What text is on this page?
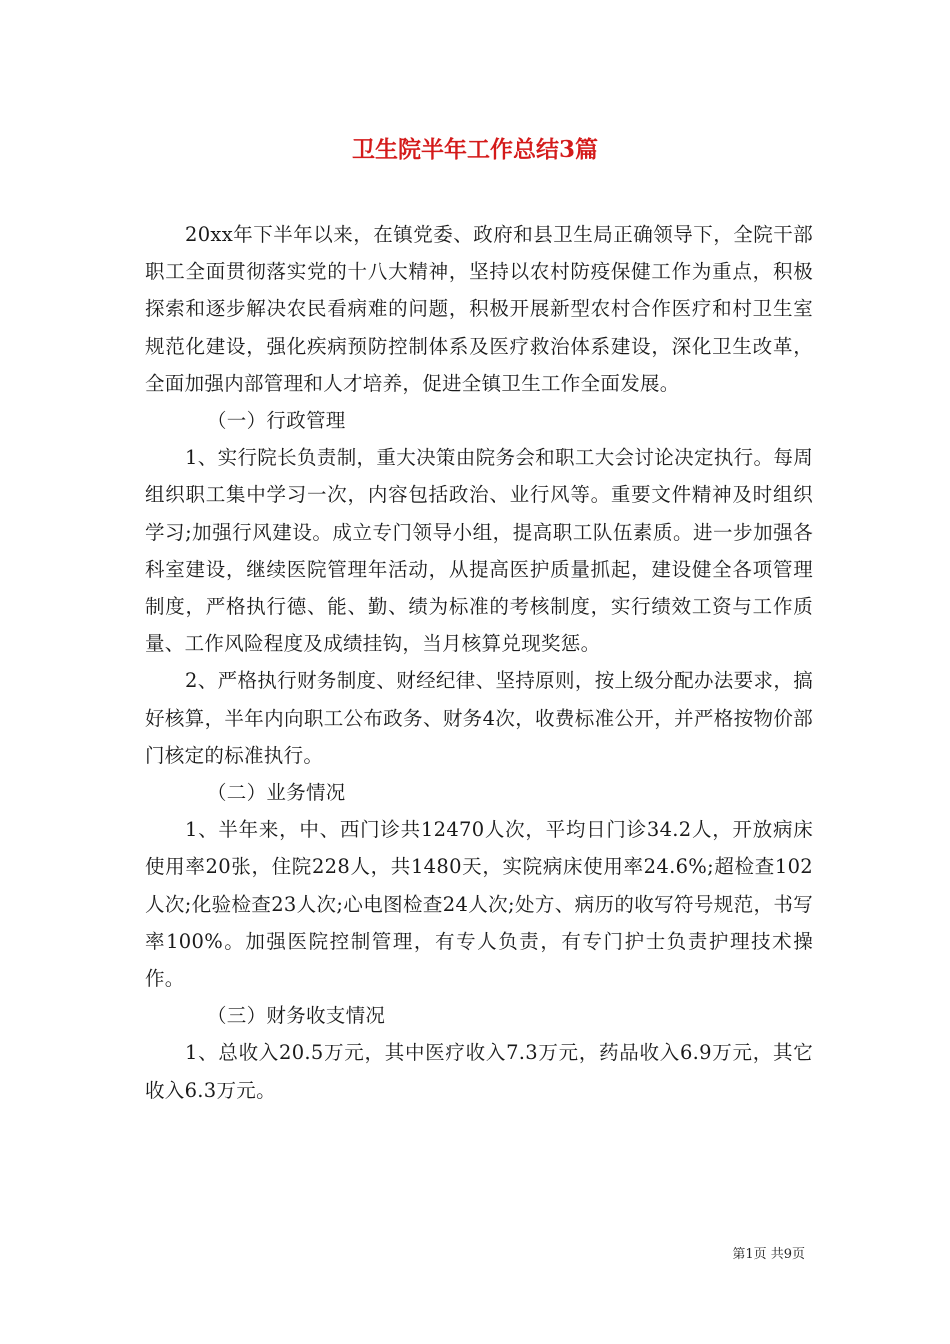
卫生院半年工作总结3篇

20xx年下半年以来，在镇党委、政府和县卫生局正确领导下，全院干部职工全面贯彻落实党的十八大精神，坚持以农村防疫保健工作为重点，积极探索和逐步解决农民看病难的问题，积极开展新型农村合作医疗和村卫生室规范化建设，强化疾病预防控制体系及医疗救治体系建设，深化卫生改革，全面加强内部管理和人才培养，促进全镇卫生工作全面发展。

（一）行政管理

1、实行院长负责制，重大决策由院务会和职工大会讨论决定执行。每周组织职工集中学习一次，内容包括政治、业行风等。重要文件精神及时组织学习;加强行风建设。成立专门领导小组，提高职工队伍素质。进一步加强各科室建设，继续医院管理年活动，从提高医护质量抓起，建设健全各项管理制度，严格执行德、能、勤、绩为标准的考核制度，实行绩效工资与工作质量、工作风险程度及成绩挂钩，当月核算兑现奖惩。

2、严格执行财务制度、财经纪律、坚持原则，按上级分配办法要求，搞好核算，半年内向职工公布政务、财务4次，收费标准公开，并严格按物价部门核定的标准执行。

（二）业务情况

1、半年来，中、西门诊共12470人次，平均日门诊34.2人，开放病床使用率20张，住院228人，共1480天，实院病床使用率24.6%;超检查102人次;化验检查23人次;心电图检查24人次;处方、病历的收写符号规范，书写率100%。加强医院控制管理，有专人负责，有专门护士负责护理技术操作。

（三）财务收支情况

1、总收入20.5万元，其中医疗收入7.3万元，药品收入6.9万元，其它收入6.3万元。

第1页 共9页
